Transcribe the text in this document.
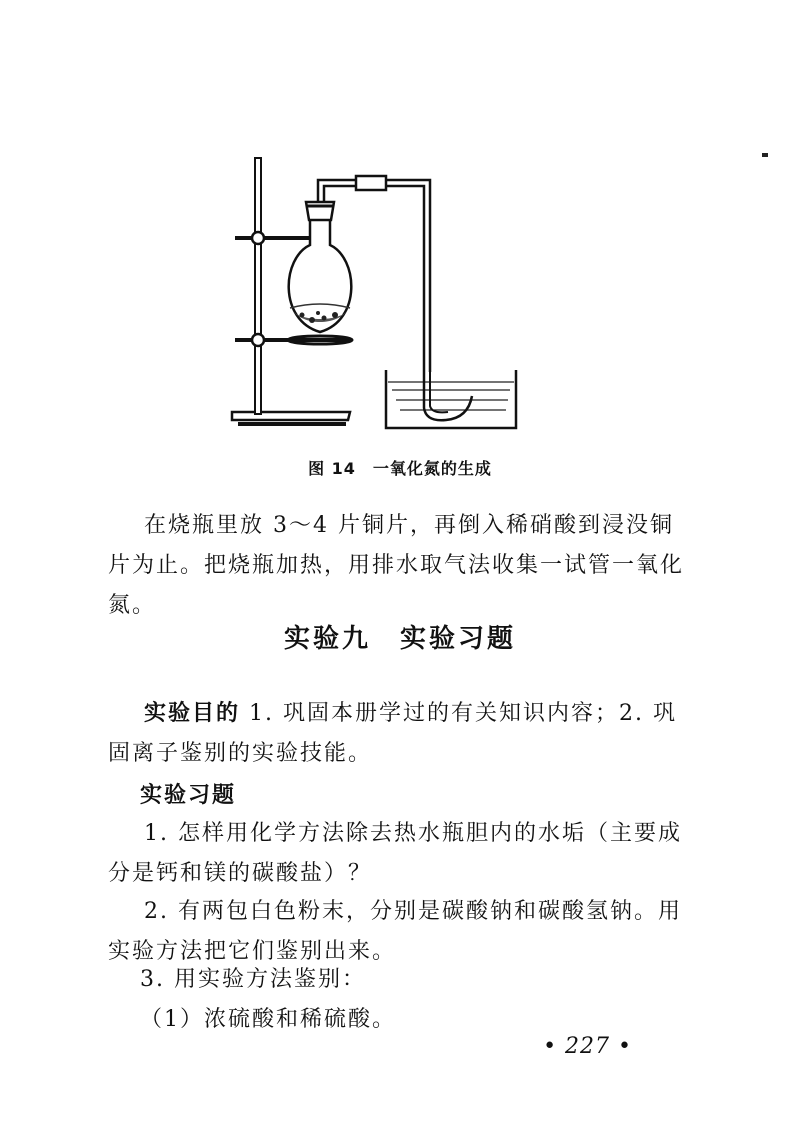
图 14　一氧化氮的生成
在烧瓶里放 3～4 片铜片，再倒入稀硝酸到浸没铜片为止。把烧瓶加热，用排水取气法收集一试管一氧化氮。
实验九　实验习题
实验目的 1. 巩固本册学过的有关知识内容；2. 巩固离子鉴别的实验技能。
实验习题
1. 怎样用化学方法除去热水瓶胆内的水垢（主要成分是钙和镁的碳酸盐）？
2. 有两包白色粉末，分别是碳酸钠和碳酸氢钠。用实验方法把它们鉴别出来。
3. 用实验方法鉴别：
（1）浓硫酸和稀硫酸。
• 227 •
